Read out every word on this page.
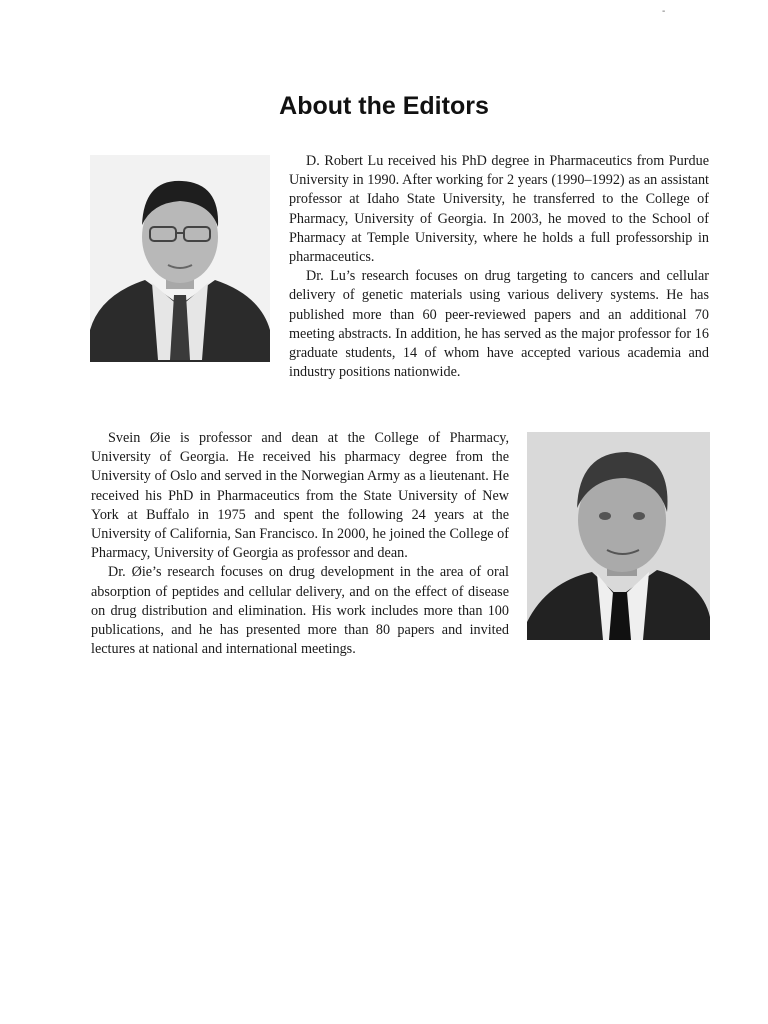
-
About the Editors

D. Robert Lu received his PhD degree in Pharmaceutics from Purdue University in 1990. After working for 2 years (1990–1992) as an assistant professor at Idaho State University, he transferred to the College of Pharmacy, University of Georgia. In 2003, he moved to the School of Pharmacy at Temple University, where he holds a full professorship in pharmaceutics.

Dr. Lu’s research focuses on drug targeting to cancers and cellular delivery of genetic materials using various delivery systems. He has published more than 60 peer-reviewed papers and an additional 70 meeting abstracts. In addition, he has served as the major professor for 16 graduate students, 14 of whom have accepted various academia and industry positions nationwide.

Svein Øie is professor and dean at the College of Pharmacy, University of Georgia. He received his pharmacy degree from the University of Oslo and served in the Norwegian Army as a lieutenant. He received his PhD in Pharmaceutics from the State University of New York at Buffalo in 1975 and spent the following 24 years at the University of California, San Francisco. In 2000, he joined the College of Pharmacy, University of Georgia as professor and dean.

Dr. Øie’s research focuses on drug development in the area of oral absorption of peptides and cellular delivery, and on the effect of disease on drug distribution and elimination. His work includes more than 100 publications, and he has presented more than 80 papers and invited lectures at national and international meetings.
